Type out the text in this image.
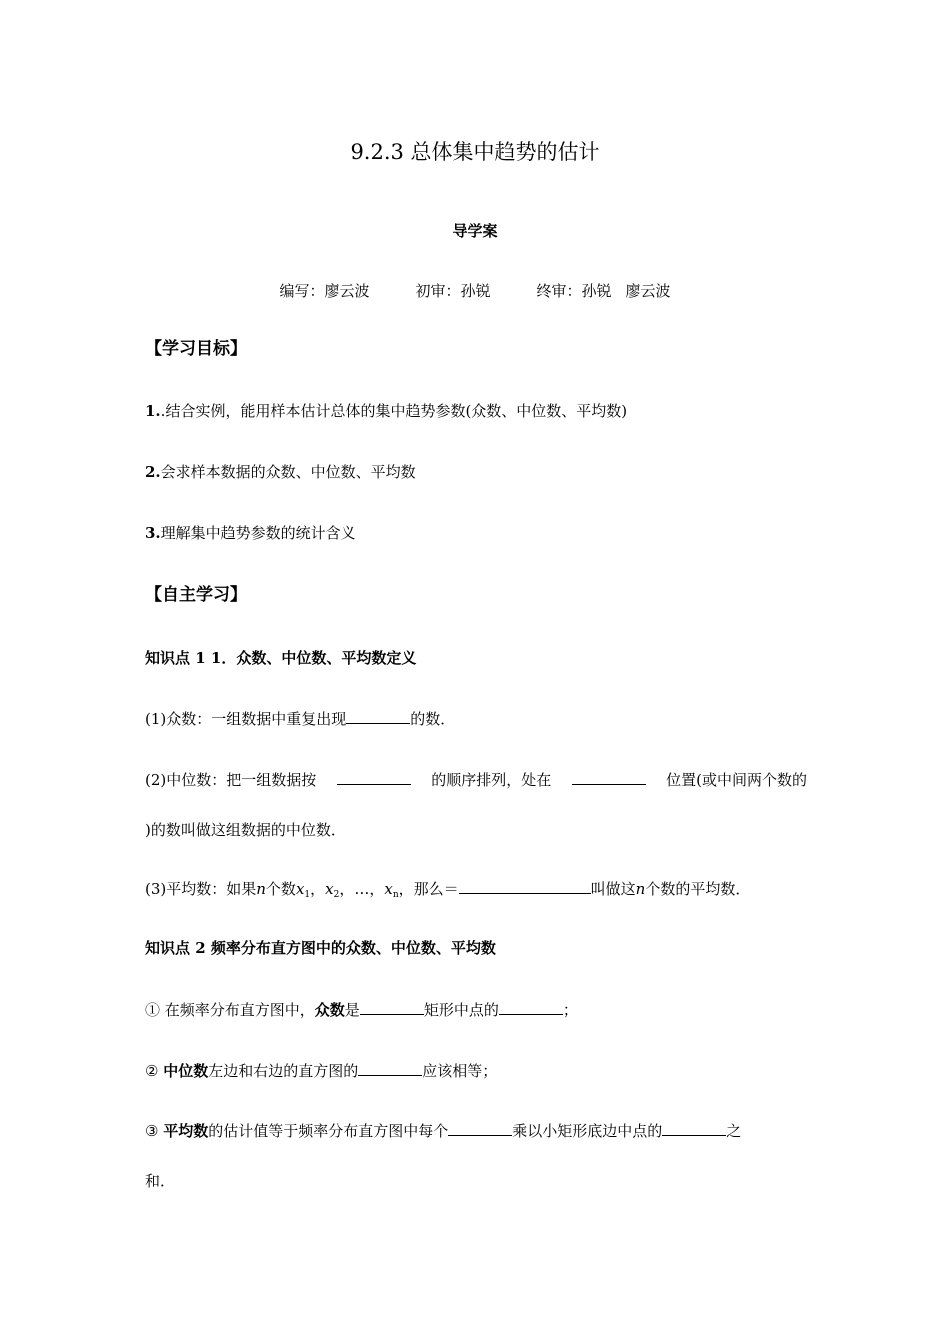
9.2.3 总体集中趋势的估计
导学案
编写：廖云波	初审：孙锐	终审：孙锐 廖云波
【学习目标】
1..结合实例，能用样本估计总体的集中趋势参数(众数、中位数、平均数)
2.会求样本数据的众数、中位数、平均数
3.理解集中趋势参数的统计含义
【自主学习】
知识点 1 1．众数、中位数、平均数定义
(1)众数：一组数据中重复出现	的数．
(2)中位数：把一组数据按	的顺序排列，处在	位置(或中间两个数的
)的数叫做这组数据的中位数．
(3)平均数：如果n个数$x_1$，$x_2$，…，$x_n$，那么＝	叫做这n个数的平均数．
知识点 2 频率分布直方图中的众数、中位数、平均数
① 在频率分布直方图中，众数是	矩形中点的	；
② 中位数左边和右边的直方图的	应该相等；
③ 平均数的估计值等于频率分布直方图中每个	乘以小矩形底边中点的	之
和．
